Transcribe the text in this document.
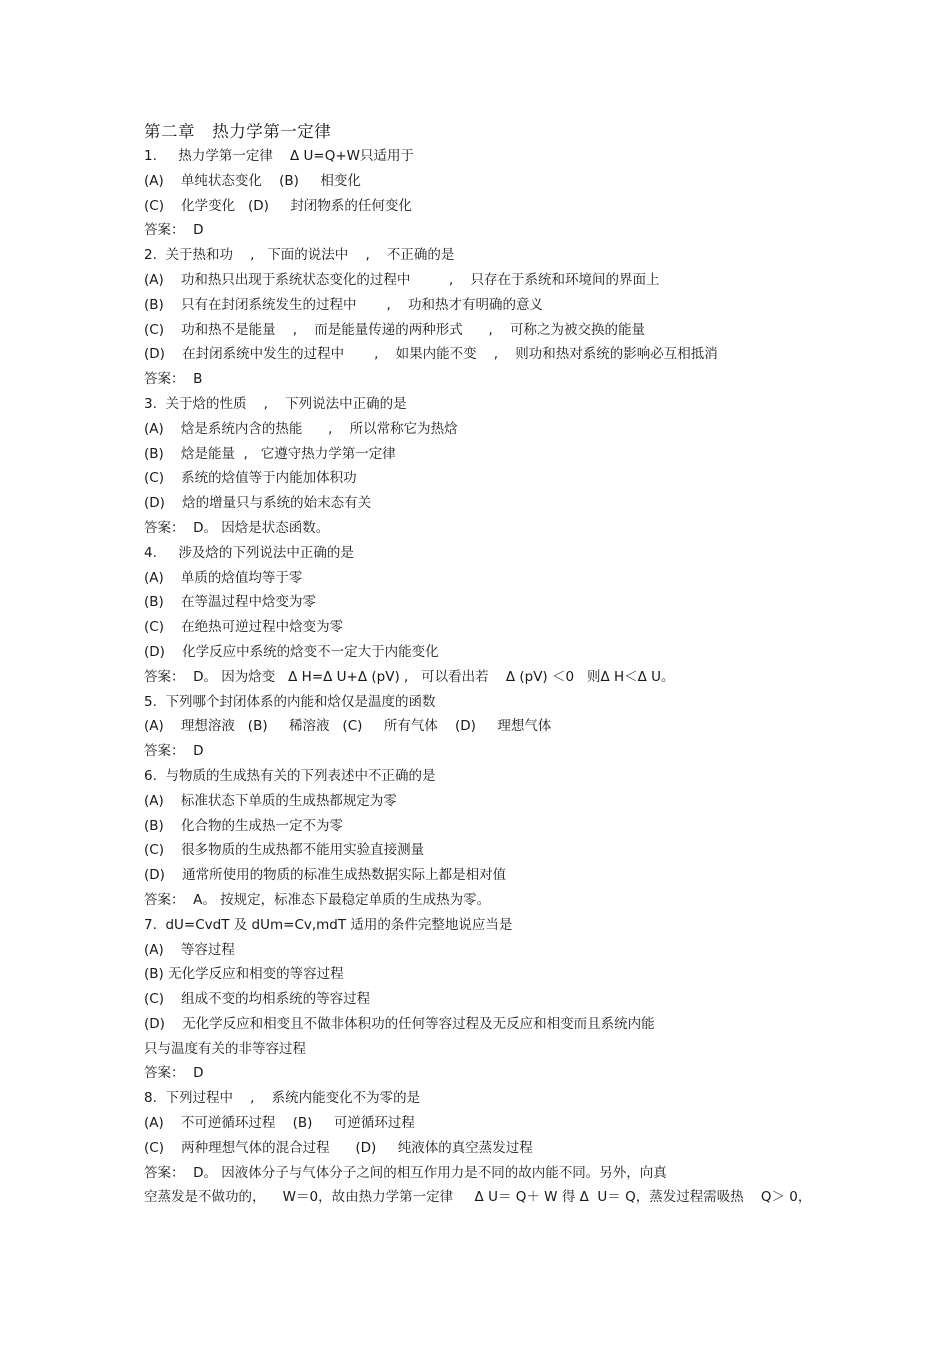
第二章   热力学第一定律
1.     热力学第一定律    Δ U=Q+W只适用于
(A)    单纯状态变化    (B)     相变化
(C)    化学变化   (D)     封闭物系的任何变化
答案：  D
2.  关于热和功    ,   下面的说法中    ,    不正确的是
(A)    功和热只出现于系统状态变化的过程中         ,    只存在于系统和环境间的界面上
(B)    只有在封闭系统发生的过程中       ,    功和热才有明确的意义
(C)    功和热不是能量    ,    而是能量传递的两种形式      ,    可称之为被交换的能量
(D)    在封闭系统中发生的过程中       ,    如果内能不变    ,    则功和热对系统的影响必互相抵消
答案：  B
3.  关于焓的性质    ,    下列说法中正确的是
(A)    焓是系统内含的热能      ,    所以常称它为热焓
(B)    焓是能量  ,   它遵守热力学第一定律
(C)    系统的焓值等于内能加体积功
(D)    焓的增量只与系统的始末态有关
答案：  D。 因焓是状态函数。
4.     涉及焓的下列说法中正确的是
(A)    单质的焓值均等于零
(B)    在等温过程中焓变为零
(C)    在绝热可逆过程中焓变为零
(D)    化学反应中系统的焓变不一定大于内能变化
答案：  D。 因为焓变   Δ H=Δ U+Δ (pV) ,   可以看出若    Δ (pV) ＜0   则Δ H＜Δ U。
5.  下列哪个封闭体系的内能和焓仅是温度的函数
(A)    理想溶液   (B)     稀溶液   (C)     所有气体    (D)     理想气体
答案：  D
6.  与物质的生成热有关的下列表述中不正确的是
(A)    标准状态下单质的生成热都规定为零
(B)    化合物的生成热一定不为零
(C)    很多物质的生成热都不能用实验直接测量
(D)    通常所使用的物质的标准生成热数据实际上都是相对值
答案：  A。 按规定，标准态下最稳定单质的生成热为零。
7.  dU=CvdT 及 dUm=Cv,mdT 适用的条件完整地说应当是
(A)    等容过程
(B) 无化学反应和相变的等容过程
(C)    组成不变的均相系统的等容过程
(D)    无化学反应和相变且不做非体积功的任何等容过程及无反应和相变而且系统内能
只与温度有关的非等容过程
答案：  D
8.  下列过程中    ,    系统内能变化不为零的是
(A)    不可逆循环过程    (B)     可逆循环过程
(C)    两种理想气体的混合过程      (D)     纯液体的真空蒸发过程
答案：  D。 因液体分子与气体分子之间的相互作用力是不同的故内能不同。另外，向真
空蒸发是不做功的，    W＝0，故由热力学第一定律     Δ U＝ Q＋ W 得 Δ  U＝ Q，蒸发过程需吸热    Q＞ 0，
